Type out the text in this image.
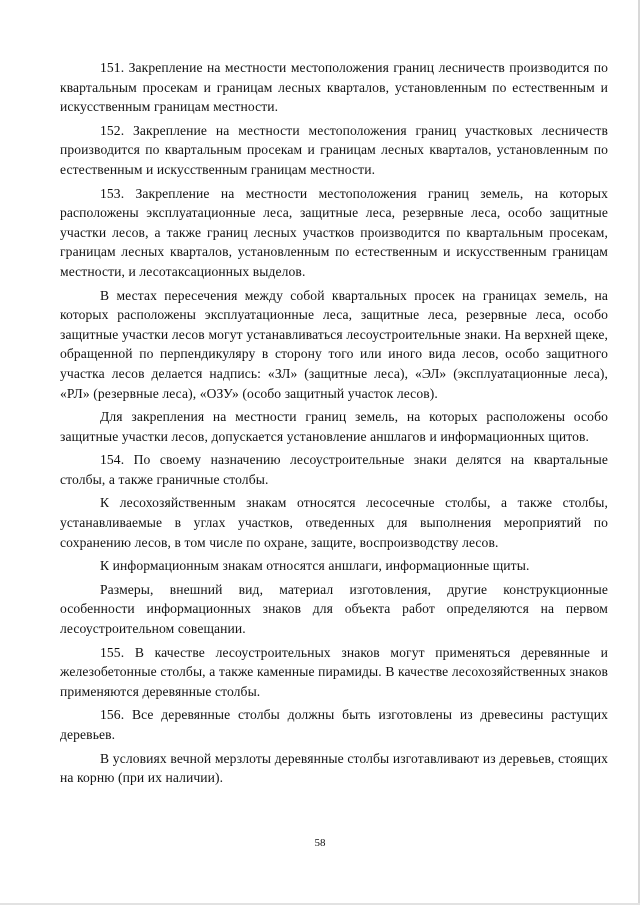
151. Закрепление на местности местоположения границ лесничеств производится по квартальным просекам и границам лесных кварталов, установленным по естественным и искусственным границам местности.

152. Закрепление на местности местоположения границ участковых лесничеств производится по квартальным просекам и границам лесных кварталов, установленным по естественным и искусственным границам местности.

153. Закрепление на местности местоположения границ земель, на которых расположены эксплуатационные леса, защитные леса, резервные леса, особо защитные участки лесов, а также границ лесных участков производится по квартальным просекам, границам лесных кварталов, установленным по естественным и искусственным границам местности, и лесотаксационных выделов.

В местах пересечения между собой квартальных просек на границах земель, на которых расположены эксплуатационные леса, защитные леса, резервные леса, особо защитные участки лесов могут устанавливаться лесоустроительные знаки. На верхней щеке, обращенной по перпендикуляру в сторону того или иного вида лесов, особо защитного участка лесов делается надпись: «ЗЛ» (защитные леса), «ЭЛ» (эксплуатационные леса), «РЛ» (резервные леса), «ОЗУ» (особо защитный участок лесов).

Для закрепления на местности границ земель, на которых расположены особо защитные участки лесов, допускается установление аншлагов и информационных щитов.

154. По своему назначению лесоустроительные знаки делятся на квартальные столбы, а также граничные столбы.

К лесохозяйственным знакам относятся лесосечные столбы, а также столбы, устанавливаемые в углах участков, отведенных для выполнения мероприятий по сохранению лесов, в том числе по охране, защите, воспроизводству лесов.

К информационным знакам относятся аншлаги, информационные щиты.

Размеры, внешний вид, материал изготовления, другие конструкционные особенности информационных знаков для объекта работ определяются на первом лесоустроительном совещании.

155. В качестве лесоустроительных знаков могут применяться деревянные и железобетонные столбы, а также каменные пирамиды. В качестве лесохозяйственных знаков применяются деревянные столбы.

156. Все деревянные столбы должны быть изготовлены из древесины растущих деревьев.

В условиях вечной мерзлоты деревянные столбы изготавливают из деревьев, стоящих на корню (при их наличии).

58
